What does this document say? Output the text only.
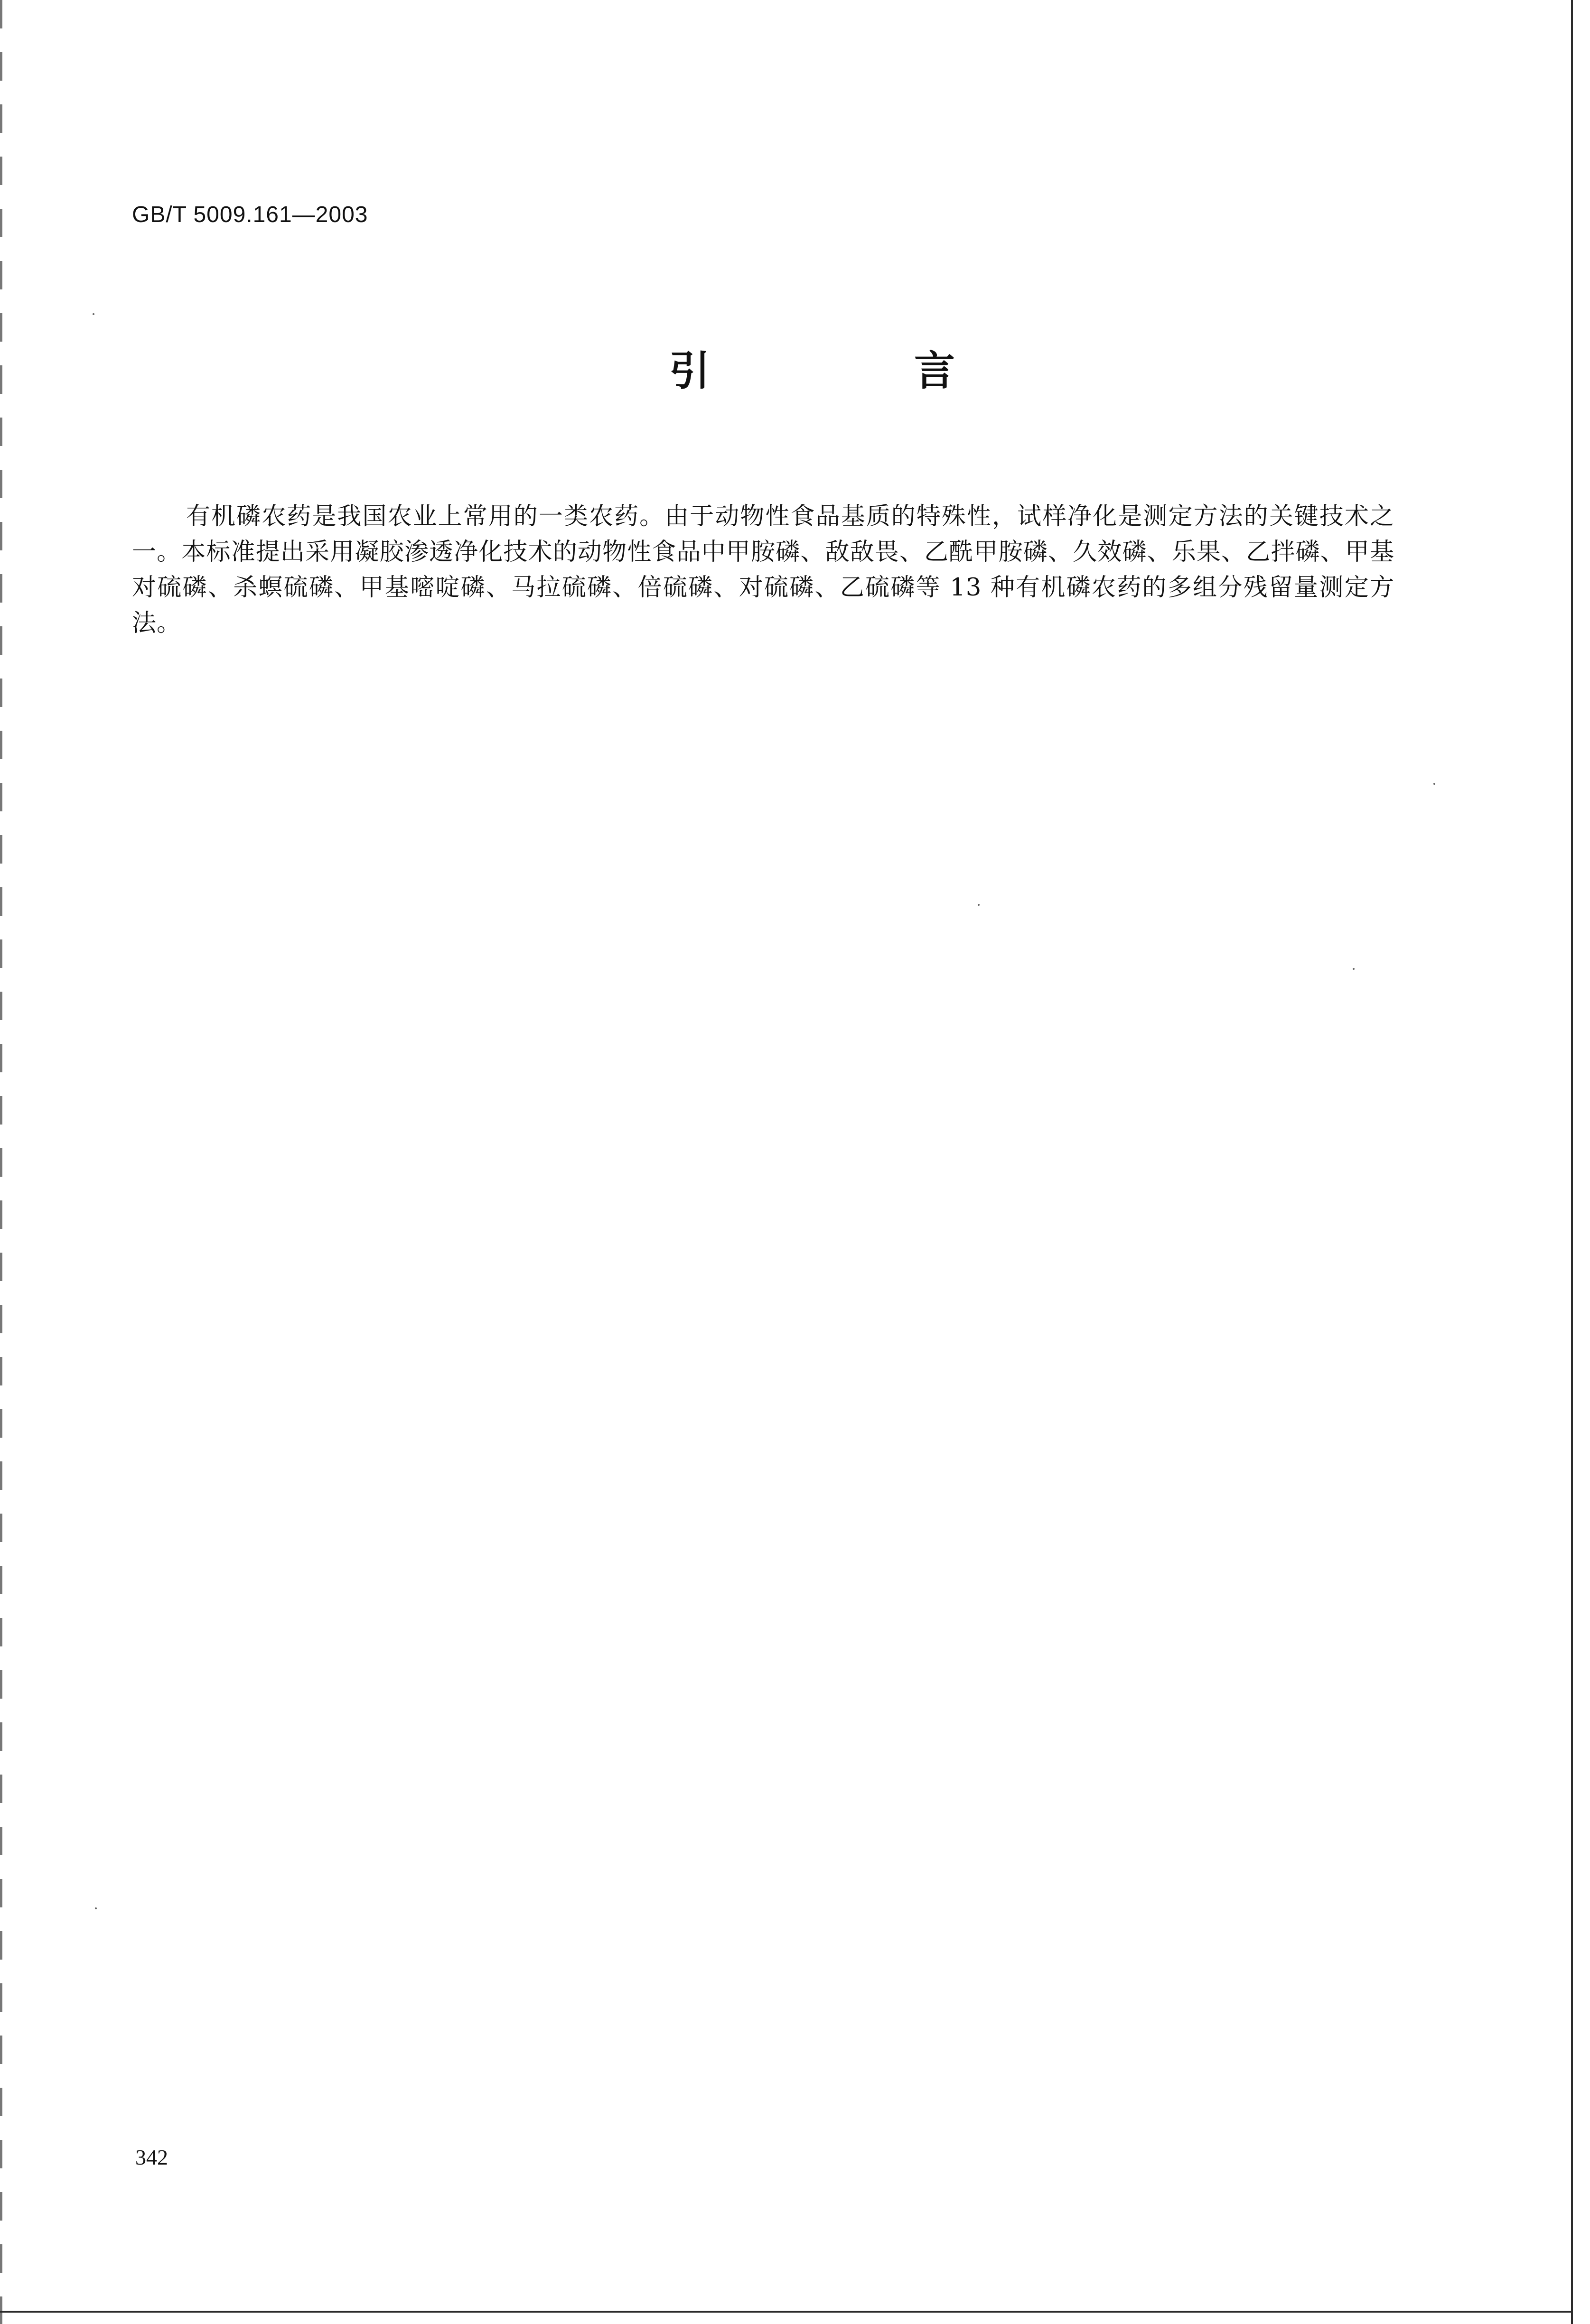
GB/T 5009.161—2003
引 言

有机磷农药是我国农业上常用的一类农药。由于动物性食品基质的特殊性，试样净化是测定方法的关键技术之一。本标准提出采用凝胶渗透净化技术的动物性食品中甲胺磷、敌敌畏、乙酰甲胺磷、久效磷、乐果、乙拌磷、甲基对硫磷、杀螟硫磷、甲基嘧啶磷、马拉硫磷、倍硫磷、对硫磷、乙硫磷等 13 种有机磷农药的多组分残留量测定方法。

342
